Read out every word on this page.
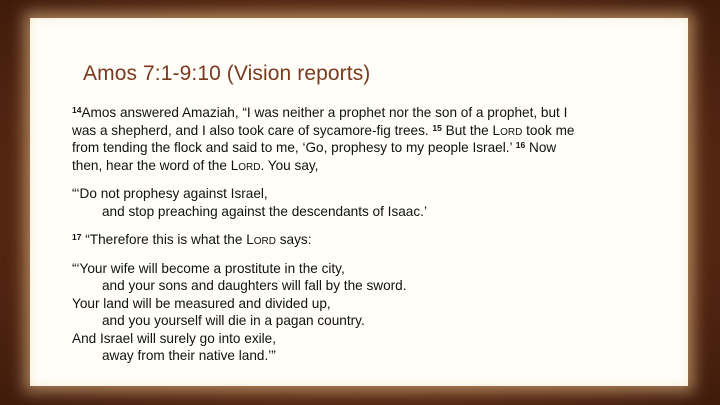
Amos 7:1-9:10 (Vision reports)

$^{14}$Amos answered Amaziah, “I was neither a prophet nor the son of a prophet, but I
was a shepherd, and I also took care of sycamore-fig trees. $^{15}$ But the Lord took me
from tending the flock and said to me, ‘Go, prophesy to my people Israel.’ $^{16}$ Now
then, hear the word of the Lord. You say,

“‘Do not prophesy against Israel,
and stop preaching against the descendants of Isaac.’

$^{17}$ “Therefore this is what the Lord says:

“‘Your wife will become a prostitute in the city,
and your sons and daughters will fall by the sword.
Your land will be measured and divided up,
and you yourself will die in a pagan country.
And Israel will surely go into exile,
away from their native land.’”
